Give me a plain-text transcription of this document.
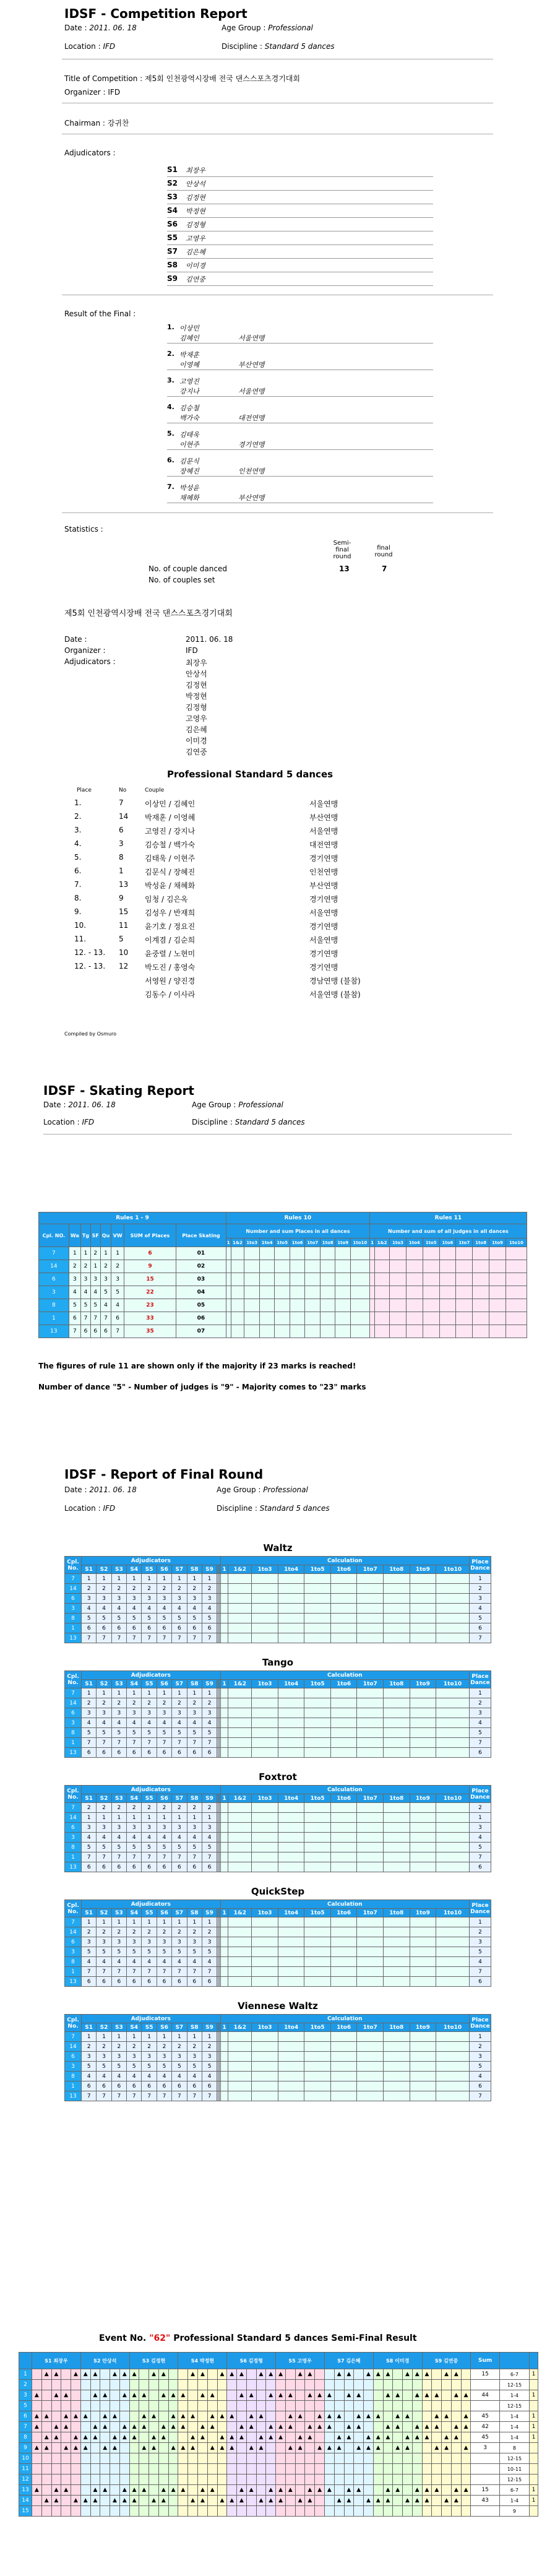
IDSF - Competition Report
Date : 2011. 06. 18	Age Group : Professional
Location : IFD	Discipline : Standard 5 dances
Title of Competition : 제5회 인천광역시장배 전국 댄스스포츠경기대회
Organizer : IFD
Chairman : 강귀찬
Adjudicators :
S1 최장우
S2 안상석
S3 김정현
S4 박정현
S6 김정형
S5 고영우
S7 김은혜
S8 이미경
S9 김연중
Result of the Final :
1. 이상민
김혜인	서울연맹
2. 박재훈
이영혜	부산연맹
3. 고영진
강지나	서울연맹
4. 김승철
백가숙	대전연맹
5. 김태욱
이현주	경기연맹
6. 김문식
장혜진	인천연맹
7. 박성윤
채혜화	부산연맹
Statistics :
Semi- final round
final round
No. of couple danced	13	7
No. of couples set
제5회 인천광역시장배 전국 댄스스포츠경기대회
Date :	2011. 06. 18
Organizer :	IFD
Adjudicators :	최장우
안상석
김정현
박정현
김정형
고영우
김은혜
이미경
김연중
Professional Standard 5 dances
Place	No	Couple
1.	7	이상민 / 김혜인	서울연맹
2.	14 박재훈 / 이영혜	부산연맹
3.	6	고영진 / 강지나	서울연맹
4.	3	김승철 / 백가숙	대전연맹
5.	8	김태욱 / 이현주	경기연맹
6.	1	김문식 / 장혜진	인천연맹
7.	13 박성윤 / 채혜화	부산연맹
8.	9	임청 / 김은옥	경기연맹
9.	15 김성우 / 반재희	서울연맹
10.	11 윤기호 / 정요진	경기연맹
11.	5	이계겸 / 김순희	서울연맹
12. - 13. 10 윤중렬 / 노현미	경기연맹
12. - 13. 12 박도진 / 홍영숙	경기연맹
서영원 / 양진경	경남연맹 (불참)
김동수 / 이사라	서울연맹 (불참)
Compiled by Osmuro
IDSF - Skating Report
Date : 2011. 06. 18	Age Group : Professional
Location : IFD	Discipline : Standard 5 dances
Rules 1 - 9								Rules 10										Rules 11									
Cpl. NO.	Wa	Tg	SF	Qu	VW	SUM of Places	Place Skating	Number and sum Places in all dances										Number and sum of all judges in all dances									
								1	1&2	1to3	1to4	1to5	1to6	1to7	1to8	1to9	1to10	1	1&2	1to3	1to4	1to5	1to6	1to7	1to8	1to9	1to10
7	1	1	2	1	1	6	01																				
14	2	2	1	2	2	9	02																				
6	3	3	3	3	3	15	03																				
3	4	4	4	5	5	22	04																				
8	5	5	5	4	4	23	05																				
1	6	7	7	7	6	33	06																				
13	7	6	6	6	7	35	07																				
The figures of rule 11 are shown only if the majority if 23 marks is reached!
Number of dance "5" - Number of judges is "9" - Majority comes to "23" marks
IDSF - Report of Final Round
Date : 2011. 06. 18	Age Group : Professional
Location : IFD	Discipline : Standard 5 dances
Waltz
Cpl. No.	Adjudicators												Calculation										Place Dance
	S1	S2	S3	S4	S5	S6	S7	S8	S9				1	1&2	1to3	1to4	1to5	1to6	1to7	1to8	1to9	1to10	
7	1	1	1	1	1	1	1	1	1														1
14	2	2	2	2	2	2	2	2	2														2
6	3	3	3	3	3	3	3	3	3														3
3	4	4	4	4	4	4	4	4	4														4
8	5	5	5	5	5	5	5	5	5														5
1	6	6	6	6	6	6	6	6	6														6
13	7	7	7	7	7	7	7	7	7														7
Tango
Cpl. No.	Adjudicators												Calculation										Place Dance
	S1	S2	S3	S4	S5	S6	S7	S8	S9				1	1&2	1to3	1to4	1to5	1to6	1to7	1to8	1to9	1to10	
7	1	1	1	1	1	1	1	1	1														1
14	2	2	2	2	2	2	2	2	2														2
6	3	3	3	3	3	3	3	3	3														3
3	4	4	4	4	4	4	4	4	4														4
8	5	5	5	5	5	5	5	5	5														5
1	7	7	7	7	7	7	7	7	7														7
13	6	6	6	6	6	6	6	6	6														6
Foxtrot
Cpl. No.	Adjudicators												Calculation										Place Dance
	S1	S2	S3	S4	S5	S6	S7	S8	S9				1	1&2	1to3	1to4	1to5	1to6	1to7	1to8	1to9	1to10	
7	2	2	2	2	2	2	2	2	2														2
14	1	1	1	1	1	1	1	1	1														1
6	3	3	3	3	3	3	3	3	3														3
3	4	4	4	4	4	4	4	4	4														4
8	5	5	5	5	5	5	5	5	5														5
1	7	7	7	7	7	7	7	7	7														7
13	6	6	6	6	6	6	6	6	6														6
QuickStep
Cpl. No.	Adjudicators												Calculation										Place Dance
	S1	S2	S3	S4	S5	S6	S7	S8	S9				1	1&2	1to3	1to4	1to5	1to6	1to7	1to8	1to9	1to10	
7	1	1	1	1	1	1	1	1	1														1
14	2	2	2	2	2	2	2	2	2														2
6	3	3	3	3	3	3	3	3	3														3
3	5	5	5	5	5	5	5	5	5														5
8	4	4	4	4	4	4	4	4	4														4
1	7	7	7	7	7	7	7	7	7														7
13	6	6	6	6	6	6	6	6	6														6
Viennese Waltz
Cpl. No.	Adjudicators												Calculation										Place Dance
	S1	S2	S3	S4	S5	S6	S7	S8	S9				1	1&2	1to3	1to4	1to5	1to6	1to7	1to8	1to9	1to10	
7	1	1	1	1	1	1	1	1	1														1
14	2	2	2	2	2	2	2	2	2														2
6	3	3	3	3	3	3	3	3	3														3
3	5	5	5	5	5	5	5	5	5														5
8	4	4	4	4	4	4	4	4	4														4
1	6	6	6	6	6	6	6	6	6														6
13	7	7	7	7	7	7	7	7	7														7
Event No. "62" Professional Standard 5 dances Semi-Final Result
	S1 최장우					S2 안상석					S3 김정현					S4 박정현					S6 김정형					S5 고영우					S7 김은혜					S8 이미경					S9 김연중					Sum		
1		▲	▲		▲	▲	▲		▲	▲	▲		▲	▲			▲	▲		▲	▲	▲		▲	▲	▲		▲	▲			▲	▲		▲	▲	▲		▲	▲	▲		▲	▲		15	6-7	1
2																																															12-15	
3	▲		▲	▲			▲	▲		▲	▲	▲		▲	▲	▲		▲	▲			▲	▲		▲	▲	▲		▲	▲	▲		▲	▲			▲	▲		▲	▲	▲		▲	▲	44	1-4	1
5																																															12-15	
6	▲	▲		▲	▲	▲		▲	▲			▲	▲		▲	▲	▲		▲	▲	▲		▲	▲			▲	▲		▲	▲	▲		▲	▲	▲		▲	▲			▲	▲		▲	45	1-4	1
7	▲		▲	▲			▲	▲		▲	▲	▲		▲	▲	▲		▲	▲			▲	▲		▲	▲	▲		▲	▲	▲		▲	▲			▲	▲		▲	▲	▲		▲	▲	42	1-4	1
8		▲	▲		▲	▲	▲		▲	▲	▲		▲	▲			▲	▲		▲	▲	▲		▲	▲	▲		▲	▲			▲	▲		▲	▲	▲		▲	▲	▲		▲	▲		45	1-4	1
9	▲	▲		▲	▲	▲		▲	▲			▲	▲		▲	▲	▲		▲	▲	▲		▲	▲			▲	▲		▲	▲	▲		▲	▲	▲		▲	▲			▲	▲		▲	3	8	
10																																															12-15	
11																																															10-11	
12																																															12-15	
13	▲		▲	▲			▲	▲		▲	▲	▲		▲	▲	▲		▲	▲			▲	▲		▲	▲	▲		▲	▲	▲		▲	▲			▲	▲		▲	▲	▲		▲	▲	15	6-7	1
14		▲	▲		▲	▲	▲		▲	▲	▲		▲	▲			▲	▲		▲	▲	▲		▲	▲	▲		▲	▲			▲	▲		▲	▲	▲		▲	▲	▲		▲	▲		43	1-4	1
15																																															9	
